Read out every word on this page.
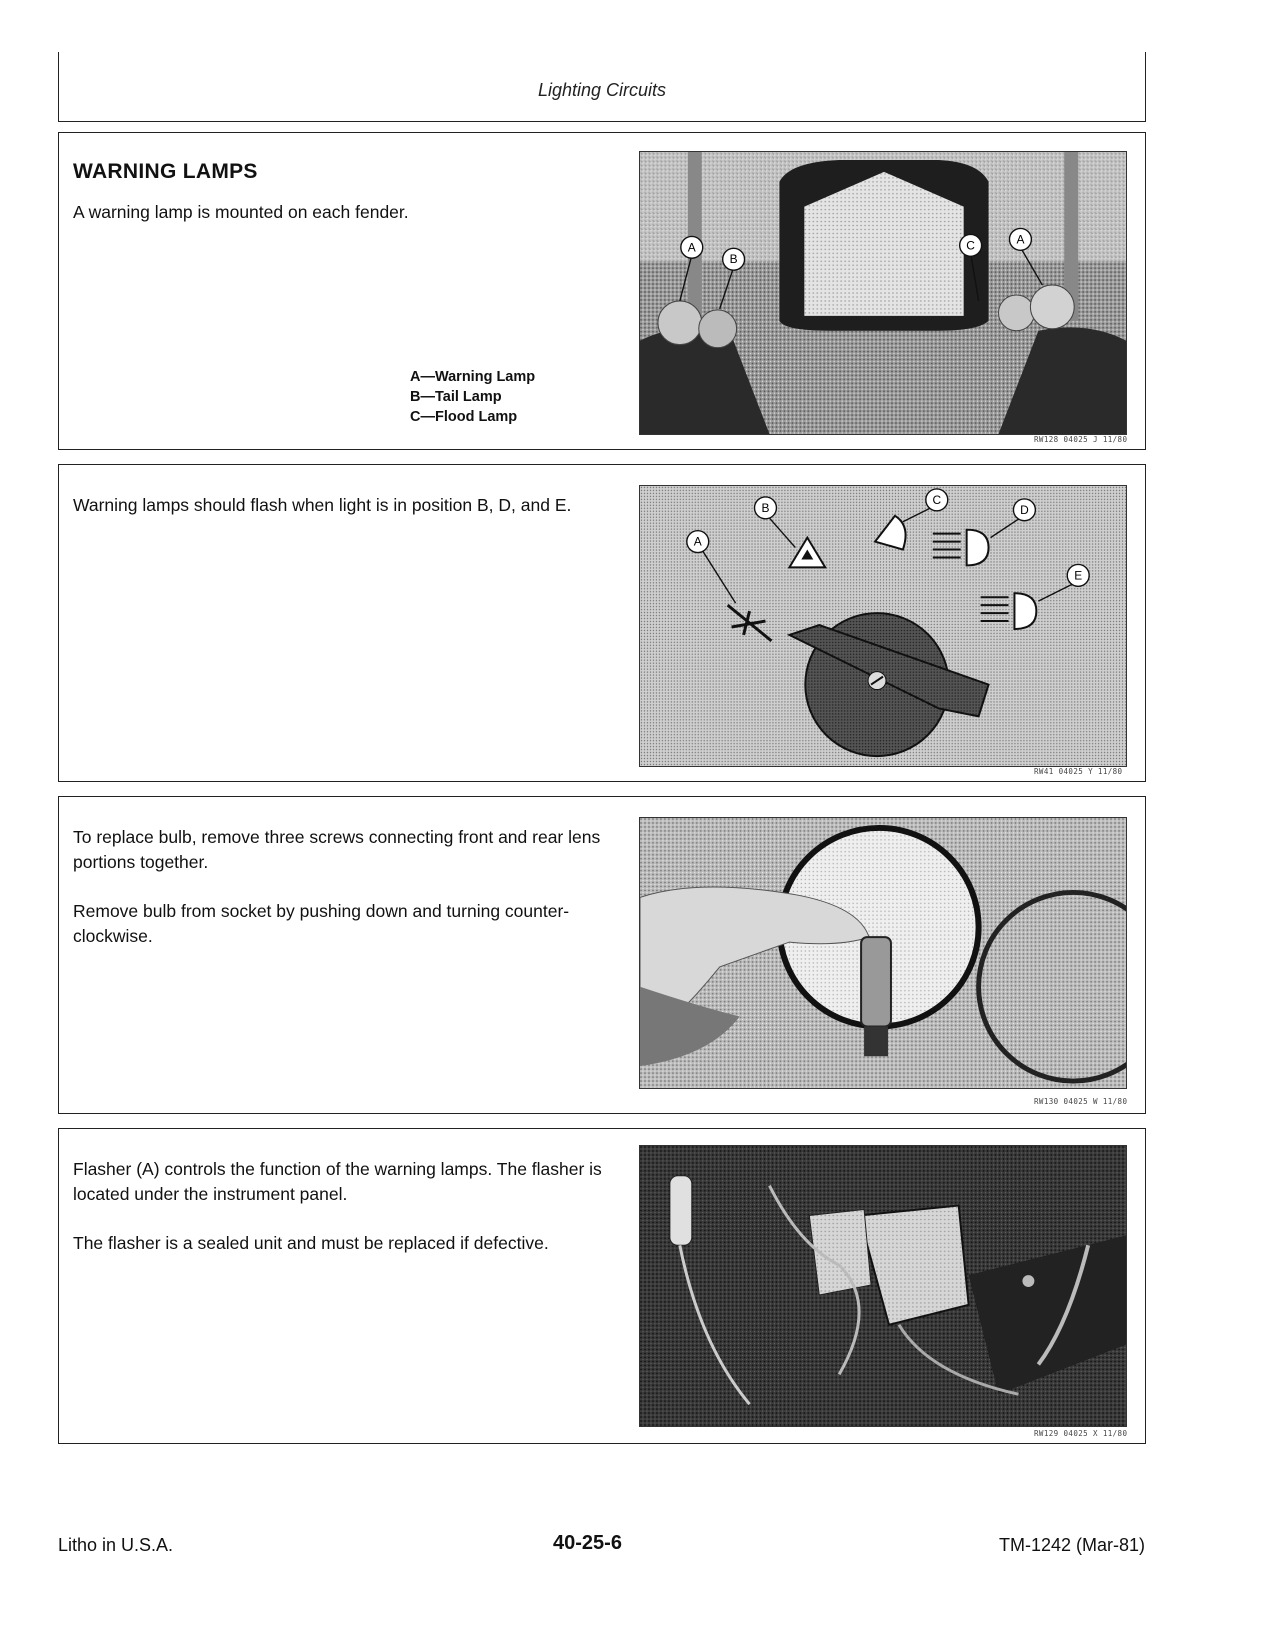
Lighting Circuits
WARNING LAMPS

A warning lamp is mounted on each fender.

A—Warning Lamp
B—Tail Lamp
C—Flood Lamp
A
B
C	A
RW128 04025 J 11/80

Warning lamps should flash when light is in position B, D, and E.

A
B
C
D
E
RW41 04025 Y 11/80

To replace bulb, remove three screws connecting front and rear lens portions together.

Remove bulb from socket by pushing down and turning counter-clockwise.

RW130 04025 W 11/80

Flasher (A) controls the function of the warning lamps. The flasher is located under the instrument panel.

The flasher is a sealed unit and must be replaced if defective.

RW129 04025 X 11/80
Litho in U.S.A.	40-25-6	TM-1242 (Mar-81)
